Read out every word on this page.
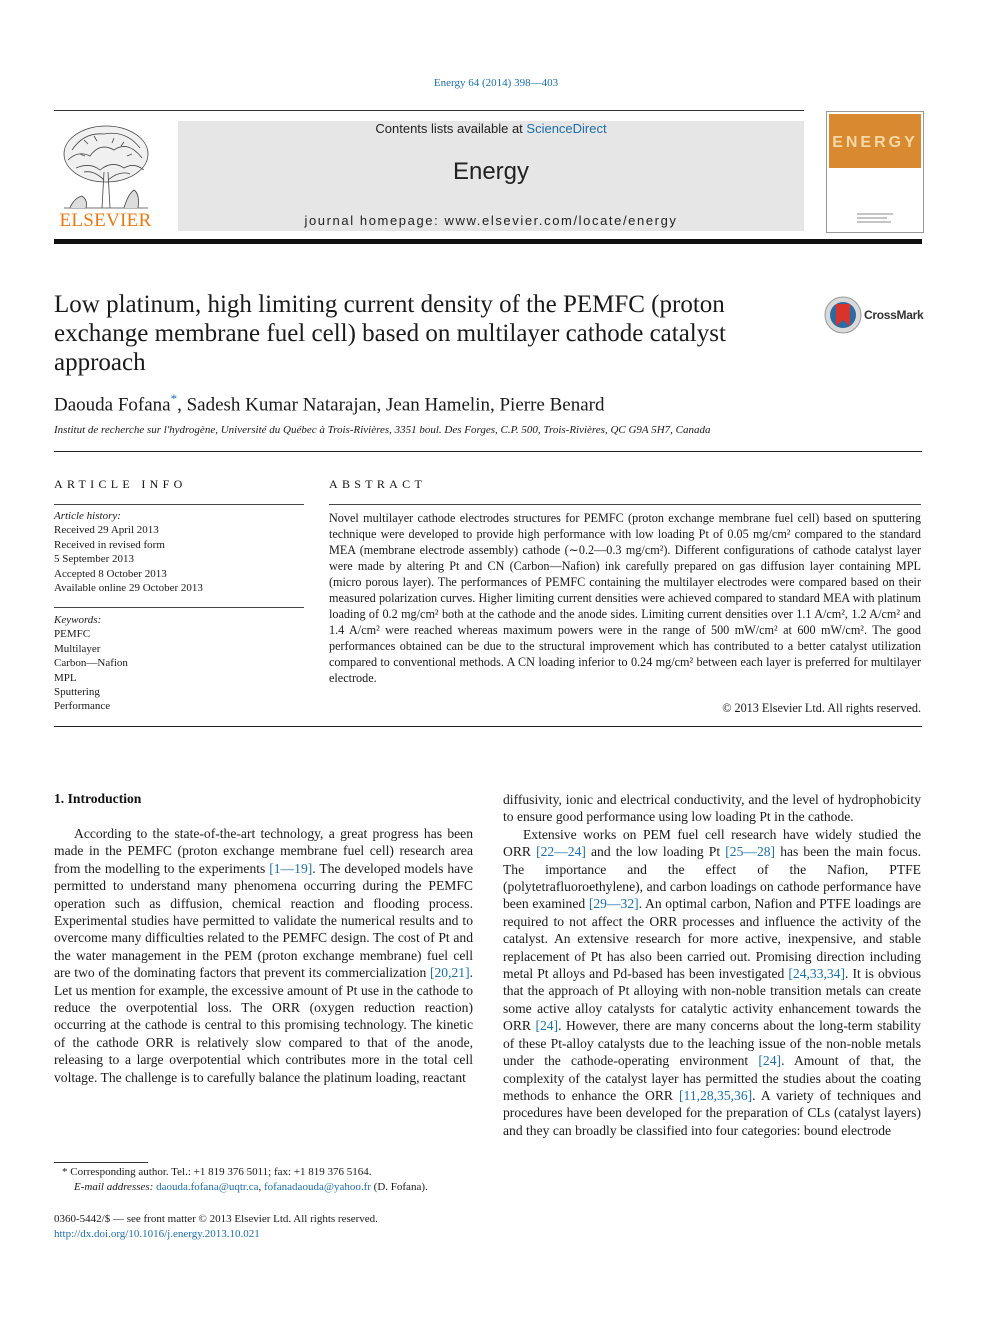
Energy 64 (2014) 398—403
ELSEVIER
Contents lists available at ScienceDirect
Energy
journal homepage: www.elsevier.com/locate/energy
ENERGY
Low platinum, high limiting current density of the PEMFC (proton exchange membrane fuel cell) based on multilayer cathode catalyst approach
CrossMark
Daouda Fofana*, Sadesh Kumar Natarajan, Jean Hamelin, Pierre Benard
Institut de recherche sur l'hydrogène, Université du Québec à Trois-Rivières, 3351 boul. Des Forges, C.P. 500, Trois-Rivières, QC G9A 5H7, Canada
ARTICLE INFO
Article history:
Received 29 April 2013
Received in revised form
5 September 2013
Accepted 8 October 2013
Available online 29 October 2013
Keywords:
PEMFC
Multilayer
Carbon—Nafion
MPL
Sputtering
Performance
ABSTRACT
Novel multilayer cathode electrodes structures for PEMFC (proton exchange membrane fuel cell) based on sputtering technique were developed to provide high performance with low loading Pt of 0.05 mg/cm² compared to the standard MEA (membrane electrode assembly) cathode (∼0.2—0.3 mg/cm²). Different configurations of cathode catalyst layer were made by altering Pt and CN (Carbon—Nafion) ink carefully prepared on gas diffusion layer containing MPL (micro porous layer). The performances of PEMFC containing the multilayer electrodes were compared based on their measured polarization curves. Higher limiting current densities were achieved compared to standard MEA with platinum loading of 0.2 mg/cm² both at the cathode and the anode sides. Limiting current densities over 1.1 A/cm², 1.2 A/cm² and 1.4 A/cm² were reached whereas maximum powers were in the range of 500 mW/cm² at 600 mW/cm². The good performances obtained can be due to the structural improvement which has contributed to a better catalyst utilization compared to conventional methods. A CN loading inferior to 0.24 mg/cm² between each layer is preferred for multilayer electrode.
© 2013 Elsevier Ltd. All rights reserved.
1. Introduction

According to the state-of-the-art technology, a great progress has been made in the PEMFC (proton exchange membrane fuel cell) research area from the modelling to the experiments [1—19]. The developed models have permitted to understand many phenomena occurring during the PEMFC operation such as diffusion, chemical reaction and flooding process. Experimental studies have permitted to validate the numerical results and to overcome many difficulties related to the PEMFC design. The cost of Pt and the water management in the PEM (proton exchange membrane) fuel cell are two of the dominating factors that prevent its commercialization [20,21]. Let us mention for example, the excessive amount of Pt use in the cathode to reduce the overpotential loss. The ORR (oxygen reduction reaction) occurring at the cathode is central to this promising technology. The kinetic of the cathode ORR is relatively slow compared to that of the anode, releasing to a large overpotential which contributes more in the total cell voltage. The challenge is to carefully balance the platinum loading, reactant

diffusivity, ionic and electrical conductivity, and the level of hydrophobicity to ensure good performance using low loading Pt in the cathode.

Extensive works on PEM fuel cell research have widely studied the ORR [22—24] and the low loading Pt [25—28] has been the main focus. The importance and the effect of the Nafion, PTFE (polytetrafluoroethylene), and carbon loadings on cathode performance have been examined [29—32]. An optimal carbon, Nafion and PTFE loadings are required to not affect the ORR processes and influence the activity of the catalyst. An extensive research for more active, inexpensive, and stable replacement of Pt has also been carried out. Promising direction including metal Pt alloys and Pd-based has been investigated [24,33,34]. It is obvious that the approach of Pt alloying with non-noble transition metals can create some active alloy catalysts for catalytic activity enhancement towards the ORR [24]. However, there are many concerns about the long-term stability of these Pt-alloy catalysts due to the leaching issue of the non-noble metals under the cathode-operating environment [24]. Amount of that, the complexity of the catalyst layer has permitted the studies about the coating methods to enhance the ORR [11,28,35,36]. A variety of techniques and procedures have been developed for the preparation of CLs (catalyst layers) and they can broadly be classified into four categories: bound electrode

* Corresponding author. Tel.: +1 819 376 5011; fax: +1 819 376 5164.
E-mail addresses: daouda.fofana@uqtr.ca, fofanadaouda@yahoo.fr (D. Fofana).
0360-5442/$ — see front matter © 2013 Elsevier Ltd. All rights reserved.
http://dx.doi.org/10.1016/j.energy.2013.10.021
